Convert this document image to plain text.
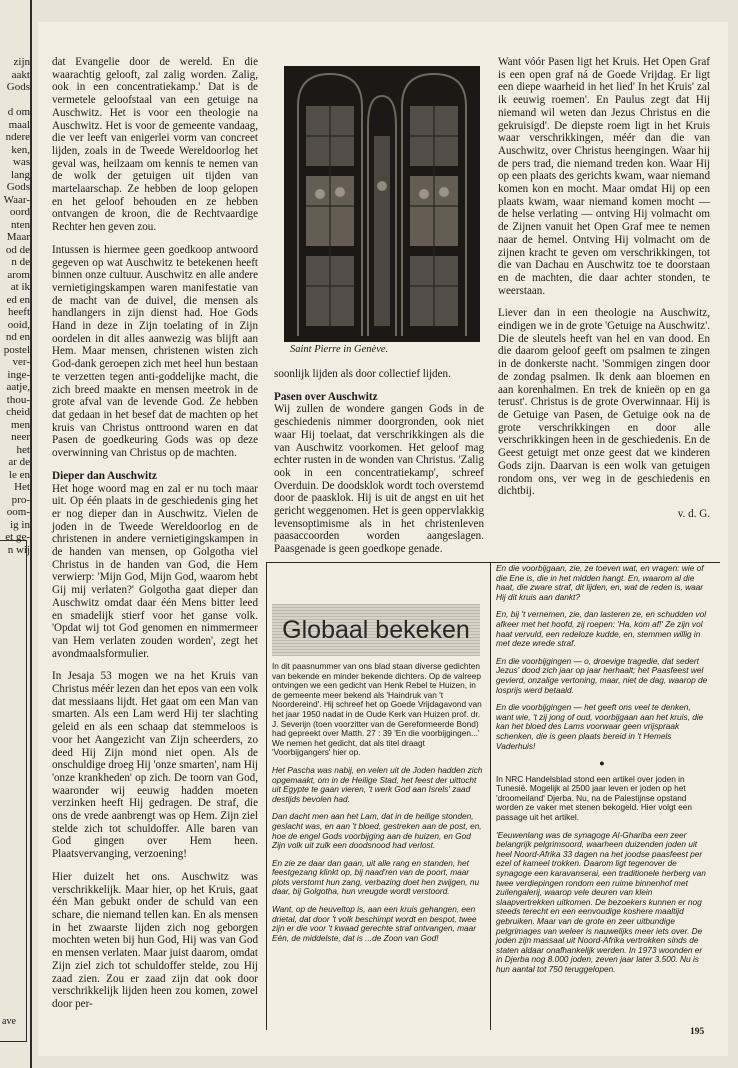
zijn
aakt
Gods

d om
maal
ndere
ken,
was
lang
Gods
Waar-
oord
nten
Maar
od de
n de
arom
at ik
ed en
heeft
ooid,
nd en
postel
ver-
inge-
aatje,
thou-
cheid
men
neer
het
ar de
le en
Het
pro-
oom-
ig in
et ge-
n wij
ave

dat Evangelie door de wereld. En die waarachtig gelooft, zal zalig worden. Zalig, ook in een concentratiekamp.' Dat is de vermetele geloofstaal van een getuige na Auschwitz. Het is voor een theologie na Auschwitz. Het is voor de gemeente vandaag, die ver leeft van enigerlei vorm van concreet lijden, zoals in de Tweede Wereldoorlog het geval was, heilzaam om kennis te nemen van de wolk der getuigen uit tijden van martelaarschap. Ze hebben de loop gelopen en het geloof behouden en ze hebben ontvangen de kroon, die de Rechtvaardige Rechter hen geven zou.

Intussen is hiermee geen goedkoop antwoord gegeven op wat Auschwitz te betekenen heeft binnen onze cultuur. Auschwitz en alle andere vernietigingskampen waren manifestatie van de macht van de duivel, die mensen als handlangers in zijn dienst had. Hoe Gods Hand in deze in Zijn toelating of in Zijn oordelen in dit alles aanwezig was blijft aan Hem. Maar mensen, christenen wisten zich God-dank geroepen zich met heel hun bestaan te verzetten tegen anti-goddelijke macht, die zich breed maakte en mensen meetrok in de grote afval van de levende God. Ze hebben dat gedaan in het besef dat de machten op het kruis van Christus onttroond waren en dat Pasen de goedkeuring Gods was op deze overwinning van Christus op de machten.

Dieper dan Auschwitz

Het hoge woord mag en zal er nu toch maar uit. Op één plaats in de geschiedenis ging het er nog dieper dan in Auschwitz. Vielen de joden in de Tweede Wereldoorlog en de christenen in andere vernietigingskampen in de handen van mensen, op Golgotha viel Christus in de handen van God, die Hem verwierp: 'Mijn God, Mijn God, waarom hebt Gij mij verlaten?' Golgotha gaat dieper dan Auschwitz omdat daar één Mens bitter leed en smadelijk stierf voor het ganse volk. 'Opdat wij tot God genomen en nimmermeer van Hem verlaten zouden worden', zegt het avondmaalsformulier.

In Jesaja 53 mogen we na het Kruis van Christus méér lezen dan het epos van een volk dat messiaans lijdt. Het gaat om een Man van smarten. Als een Lam werd Hij ter slachting geleid en als een schaap dat stemmeloos is voor het Aangezicht van Zijn scheerders, zo deed Hij Zijn mond niet open. Als de onschuldige droeg Hij 'onze smarten', nam Hij 'onze krankheden' op zich. De toorn van God, waaronder wij eeuwig hadden moeten verzinken heeft Hij gedragen. De straf, die ons de vrede aanbrengt was op Hem. Zijn ziel stelde zich tot schuldoffer. Alle baren van God gingen over Hem heen. Plaatsvervanging, verzoening!

Hier duizelt het ons. Auschwitz was verschrikkelijk. Maar hier, op het Kruis, gaat één Man gebukt onder de schuld van een schare, die niemand tellen kan. En als mensen in het zwaarste lijden zich nog geborgen mochten weten bij hun God, Hij was van God en mensen verlaten. Maar juist daarom, omdat Zijn ziel zich tot schuldoffer stelde, zou Hij zaad zien. Zou er zaad zijn dat ook door verschrikkelijk lijden heen zou komen, zowel door per-

Saint Pierre in Genève.

soonlijk lijden als door collectief lijden.

Pasen over Auschwitz

Wij zullen de wondere gangen Gods in de geschiedenis nimmer doorgronden, ook niet waar Hij toelaat, dat verschrikkingen als die van Auschwitz voorkomen. Het geloof mag echter rusten in de wonden van Christus. 'Zalig ook in een concentratiekamp', schreef Overduin. De doodsklok wordt toch overstemd door de paasklok. Hij is uit de angst en uit het gericht weggenomen. Het is geen oppervlakkig levensoptimisme als in het christenleven paasaccoorden worden aangeslagen. Paasgenade is geen goedkope genade.

Want vóór Pasen ligt het Kruis. Het Open Graf is een open graf ná de Goede Vrijdag. Er ligt een diepe waarheid in het lied' In het Kruis' zal ik eeuwig roemen'. En Paulus zegt dat Hij niemand wil weten dan Jezus Christus en die gekruisigd'. De diepste roem ligt in het Kruis waar verschrikkingen, méér dan die van Auschwitz, over Christus heengingen. Waar hij de pers trad, die niemand treden kon. Waar Hij op een plaats des gerichts kwam, waar niemand komen kon en mocht. Maar omdat Hij op een plaats kwam, waar niemand komen mocht — de helse verlating — ontving Hij volmacht om de Zijnen vanuit het Open Graf mee te nemen naar de hemel. Ontving Hij volmacht om de zijnen kracht te geven om verschrikkingen, tot die van Dachau en Auschwitz toe te doorstaan en de machten, die daar achter stonden, te weerstaan.

Liever dan in een theologie na Auschwitz, eindigen we in de grote 'Getuige na Auschwitz'. Die de sleutels heeft van hel en van dood. En die daarom geloof geeft om psalmen te zingen in de donkerste nacht. 'Sommigen zingen door de zondag psalmen. Ik denk aan bloemen en aan korenhalmen. En trek de knieën op en ga terust'. Christus is de grote Overwinnaar. Hij is de Getuige van Pasen, de Getuige ook na de grote verschrikkingen en door alle verschrikkingen heen in de geschiedenis. En de Geest getuigt met onze geest dat we kinderen Gods zijn. Daarvan is een wolk van getuigen rondom ons, ver weg in de geschiedenis en dichtbij.

v. d. G.
Globaal bekeken

In dit paasnummer van ons blad staan diverse gedichten van bekende en minder bekende dichters. Op de valreep ontvingen we een gedicht van Henk Rebel te Huizen, in de gemeente meer bekend als 'Haindruk van 't Noordereind'. Hij schreef het op Goede Vrijdagavond van het jaar 1950 nadat in de Oude Kerk van Huizen prof. dr. J. Severijn (toen voorzitter van de Gereformeerde Bond) had gepreekt over Matth. 27 : 39 'En die voorbijgingen...' We nemen het gedicht, dat als titel draagt 'Voorbijgangers' hier op.

Het Pascha was nabij, en velen uit de Joden hadden zich opgemaakt, om in de Heilige Stad, het feest der uittocht uit Egypte te gaan vieren, 't werk God aan Isrels' zaad destijds bevolen had.

Dan dacht men aan het Lam, dat in de heilige stonden, geslacht was, en aan 't bloed, gestreken aan de post, en, hoe de engel Gods voorbijging aan de huizen, en God Zijn volk uit zulk een doodsnood had verlost.

En zie ze daar dan gaan, uit alle rang en standen, het feestgezang klinkt op, bij naad'ren van de poort, maar plots verstomt hun zang, verbazing doet hen zwijgen, nu daar, bij Golgotha, hun vreugde wordt verstoord.

Want, op de heuveltop is, aan een kruis gehangen, een drietal, dat door 't volk beschimpt wordt en bespot, twee zijn er die voor 't kwaad gerechte straf ontvangen, maar Eén, de middelste, dat is ...de Zoon van God!

En die voorbijgaan, zie, ze toeven wat, en vragen: wie of die Ene is, die in het midden hangt. En, waarom al die haat, die zware straf, dit lijden, en, wat de reden is, waar Hij dit kruis aan dankt?

En, bij 't vernemen, zie, dan lasteren ze, en schudden vol afkeer met het hoofd, zij roepen: 'Ha, kom af!' Ze zijn vol haat vervuld, een redeloze kudde, en, stemmen willig in met deze wrede straf.

En die voorbijgingen — o, droevige tragedie, dat sedert Jezus' dood zich jaar op jaar herhaalt; het Paasfeest wel gevierd, onzalige vertoning, maar, niet de dag, waarop de losprijs werd betaald.

En die voorbijgingen — het geeft ons veel te denken, want wie, 't zij jong of oud, voorbijgaan aan het kruis, die kan het bloed des Lams voorwaar geen vrijspraak schenken, die is geen plaats bereid in 't Hemels Vaderhuis!

●

In NRC Handelsblad stond een artikel over joden in Tunesië. Mogelijk al 2500 jaar leven er joden op het 'droomeiland' Djerba. Nu, na de Palestijnse opstand worden ze vaker met stenen bekogeld. Hier volgt een passage uit het artikel.

'Eeuwenlang was de synagoge Al-Ghariba een zeer belangrijk pelgrimsoord, waarheen duizenden joden uit heel Noord-Afrika 33 dagen na het joodse paasfeest per ezel of kameel trokken. Daarom ligt tegenover de synagoge een karavanserai, een traditionele herberg van twee verdiepingen rondom een ruime binnenhof met zuilengalerij, waarop vele deuren van klein slaapvertrekken uitkomen. De bezoekers kunnen er nog steeds terecht en een eenvoudige koshere maaltijd gebruiken. Maar van de grote en zeer uitbundige pelgrimages van weleer is nauwelijks meer iets over. De joden zijn massaal uit Noord-Afrika vertrokken sinds de staten aldaar onafhankelijk werden. In 1973 woonden er in Djerba nog 8.000 joden, zeven jaar later 3.500. Nu is hun aantal tot 750 teruggelopen.

195
